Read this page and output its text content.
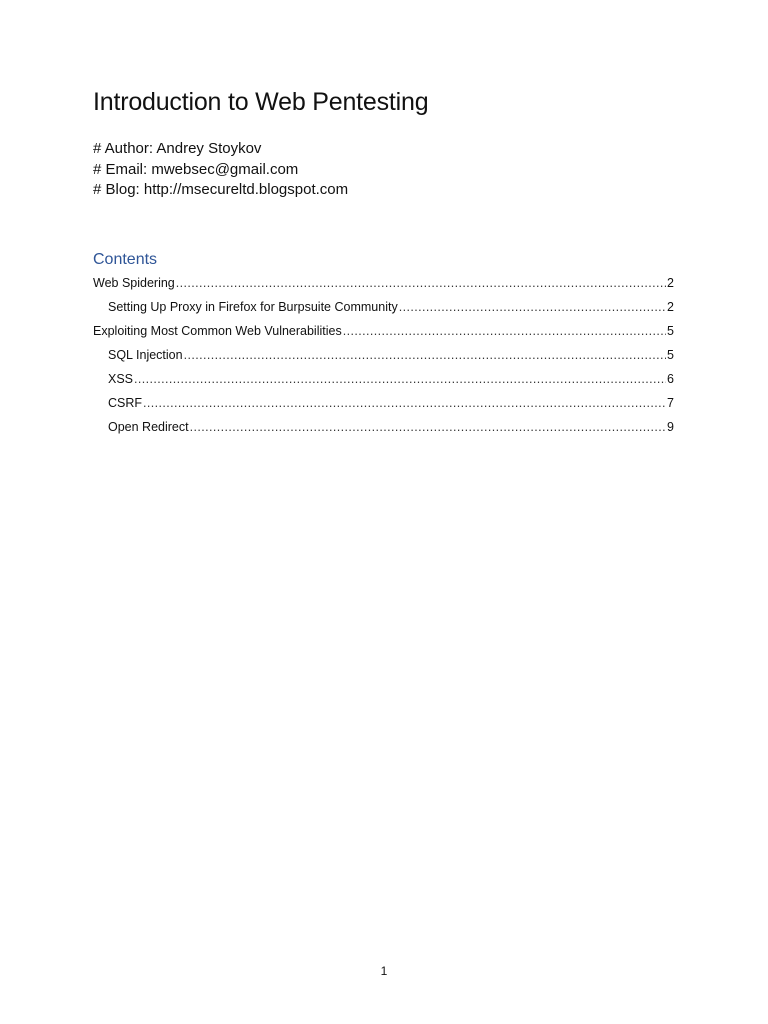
Introduction to Web Pentesting
# Author: Andrey Stoykov
# Email: mwebsec@gmail.com
# Blog: http://msecureltd.blogspot.com
Contents
Web Spidering .....	2
Setting Up Proxy in Firefox for Burpsuite Community .....	2
Exploiting Most Common Web Vulnerabilities .....	5
SQL Injection .....	5
XSS .....	6
CSRF .....	7
Open Redirect .....	9
1
